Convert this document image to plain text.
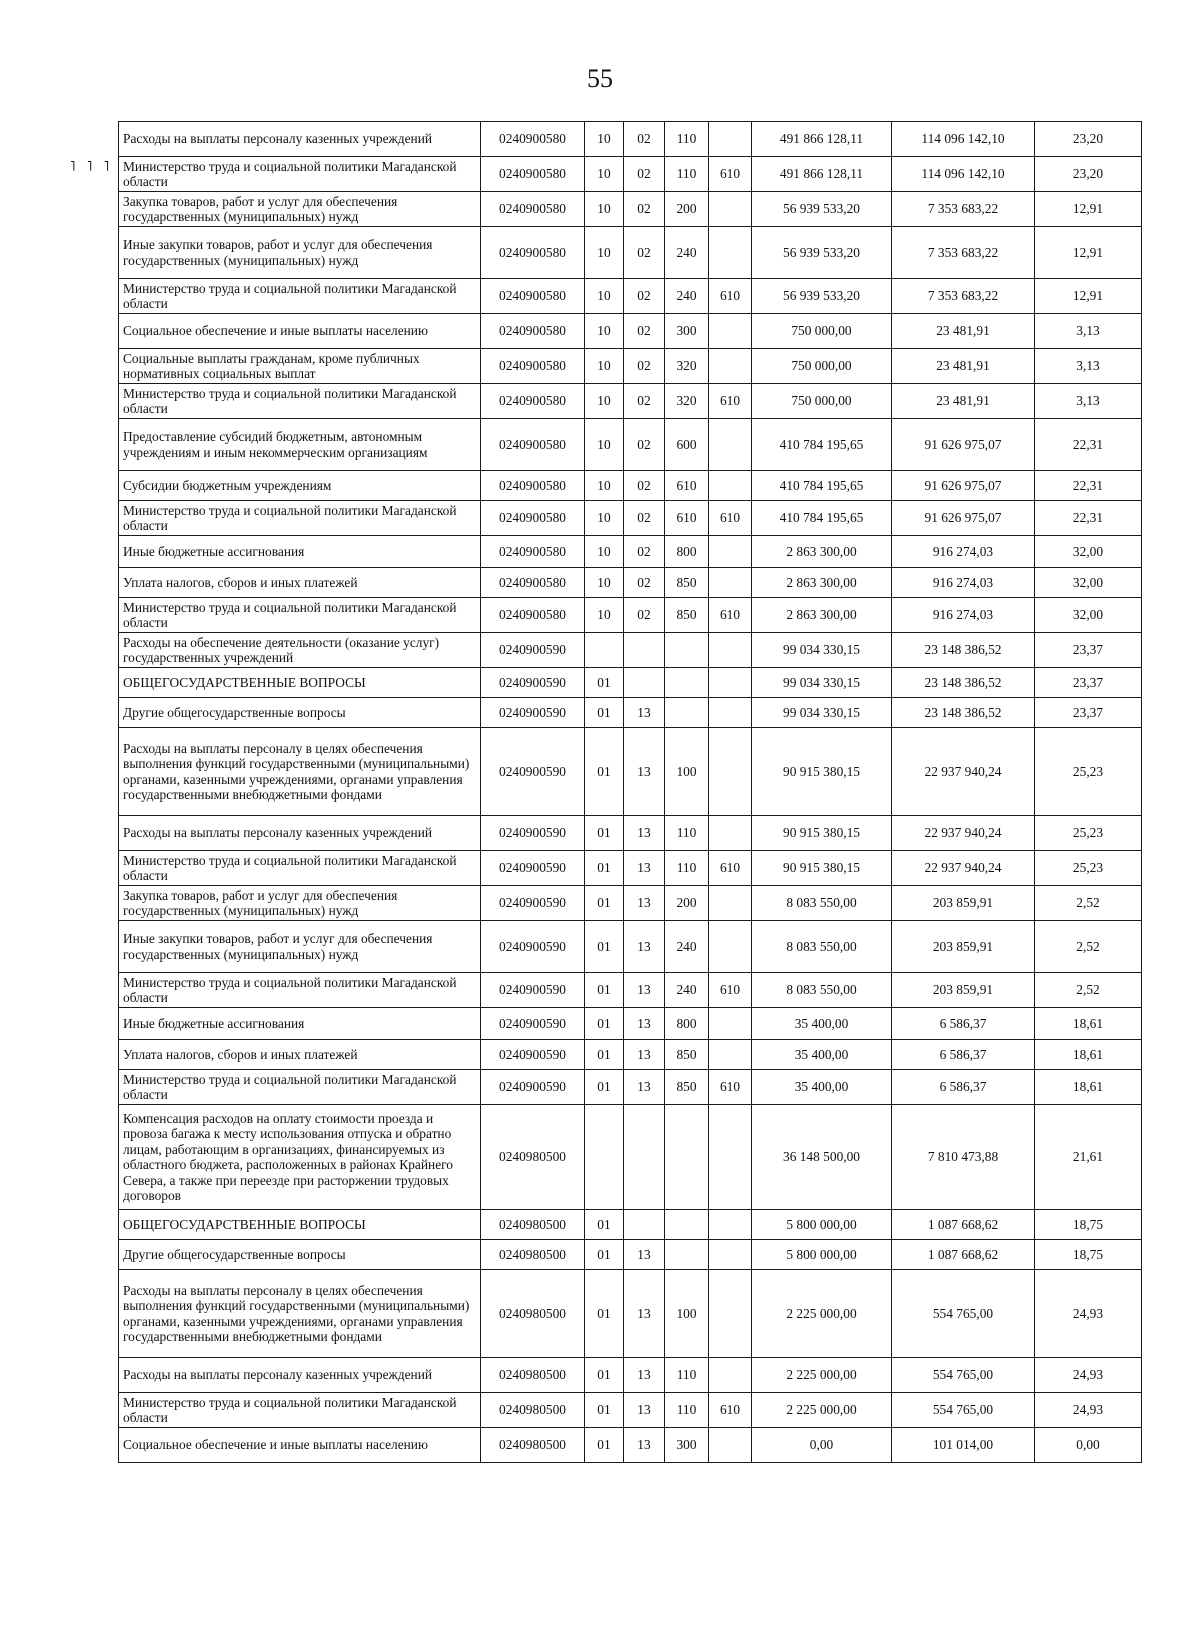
55
˥ ˥ ˥
Расходы на выплаты персоналу казенных учреждений	0240900580	10	02	110		491 866 128,11	114 096 142,10	23,20
Министерство труда и социальной политики Магаданской области	0240900580	10	02	110	610	491 866 128,11	114 096 142,10	23,20
Закупка товаров, работ и услуг для обеспечения государственных (муниципальных) нужд	0240900580	10	02	200		56 939 533,20	7 353 683,22	12,91
Иные закупки товаров, работ и услуг для обеспечения государственных (муниципальных) нужд	0240900580	10	02	240		56 939 533,20	7 353 683,22	12,91
Министерство труда и социальной политики Магаданской области	0240900580	10	02	240	610	56 939 533,20	7 353 683,22	12,91
Социальное обеспечение и иные выплаты населению	0240900580	10	02	300		750 000,00	23 481,91	3,13
Социальные выплаты гражданам, кроме публичных нормативных социальных выплат	0240900580	10	02	320		750 000,00	23 481,91	3,13
Министерство труда и социальной политики Магаданской области	0240900580	10	02	320	610	750 000,00	23 481,91	3,13
Предоставление субсидий бюджетным, автономным учреждениям и иным некоммерческим организациям	0240900580	10	02	600		410 784 195,65	91 626 975,07	22,31
Субсидии бюджетным учреждениям	0240900580	10	02	610		410 784 195,65	91 626 975,07	22,31
Министерство труда и социальной политики Магаданской области	0240900580	10	02	610	610	410 784 195,65	91 626 975,07	22,31
Иные бюджетные ассигнования	0240900580	10	02	800		2 863 300,00	916 274,03	32,00
Уплата налогов, сборов и иных платежей	0240900580	10	02	850		2 863 300,00	916 274,03	32,00
Министерство труда и социальной политики Магаданской области	0240900580	10	02	850	610	2 863 300,00	916 274,03	32,00
Расходы на обеспечение деятельности (оказание услуг) государственных учреждений	0240900590					99 034 330,15	23 148 386,52	23,37
ОБЩЕГОСУДАРСТВЕННЫЕ ВОПРОСЫ	0240900590	01				99 034 330,15	23 148 386,52	23,37
Другие общегосударственные вопросы	0240900590	01	13			99 034 330,15	23 148 386,52	23,37
Расходы на выплаты персоналу в целях обеспечения выполнения функций государственными (муниципальными) органами, казенными учреждениями, органами управления государственными внебюджетными фондами	0240900590	01	13	100		90 915 380,15	22 937 940,24	25,23
Расходы на выплаты персоналу казенных учреждений	0240900590	01	13	110		90 915 380,15	22 937 940,24	25,23
Министерство труда и социальной политики Магаданской области	0240900590	01	13	110	610	90 915 380,15	22 937 940,24	25,23
Закупка товаров, работ и услуг для обеспечения государственных (муниципальных) нужд	0240900590	01	13	200		8 083 550,00	203 859,91	2,52
Иные закупки товаров, работ и услуг для обеспечения государственных (муниципальных) нужд	0240900590	01	13	240		8 083 550,00	203 859,91	2,52
Министерство труда и социальной политики Магаданской области	0240900590	01	13	240	610	8 083 550,00	203 859,91	2,52
Иные бюджетные ассигнования	0240900590	01	13	800		35 400,00	6 586,37	18,61
Уплата налогов, сборов и иных платежей	0240900590	01	13	850		35 400,00	6 586,37	18,61
Министерство труда и социальной политики Магаданской области	0240900590	01	13	850	610	35 400,00	6 586,37	18,61
Компенсация расходов на оплату стоимости проезда и провоза багажа к месту использования отпуска и обратно лицам, работающим в организациях, финансируемых из областного бюджета, расположенных в районах Крайнего Севера, а также при переезде при расторжении трудовых договоров	0240980500					36 148 500,00	7 810 473,88	21,61
ОБЩЕГОСУДАРСТВЕННЫЕ ВОПРОСЫ	0240980500	01				5 800 000,00	1 087 668,62	18,75
Другие общегосударственные вопросы	0240980500	01	13			5 800 000,00	1 087 668,62	18,75
Расходы на выплаты персоналу в целях обеспечения выполнения функций государственными (муниципальными) органами, казенными учреждениями, органами управления государственными внебюджетными фондами	0240980500	01	13	100		2 225 000,00	554 765,00	24,93
Расходы на выплаты персоналу казенных учреждений	0240980500	01	13	110		2 225 000,00	554 765,00	24,93
Министерство труда и социальной политики Магаданской области	0240980500	01	13	110	610	2 225 000,00	554 765,00	24,93
Социальное обеспечение и иные выплаты населению	0240980500	01	13	300		0,00	101 014,00	0,00
